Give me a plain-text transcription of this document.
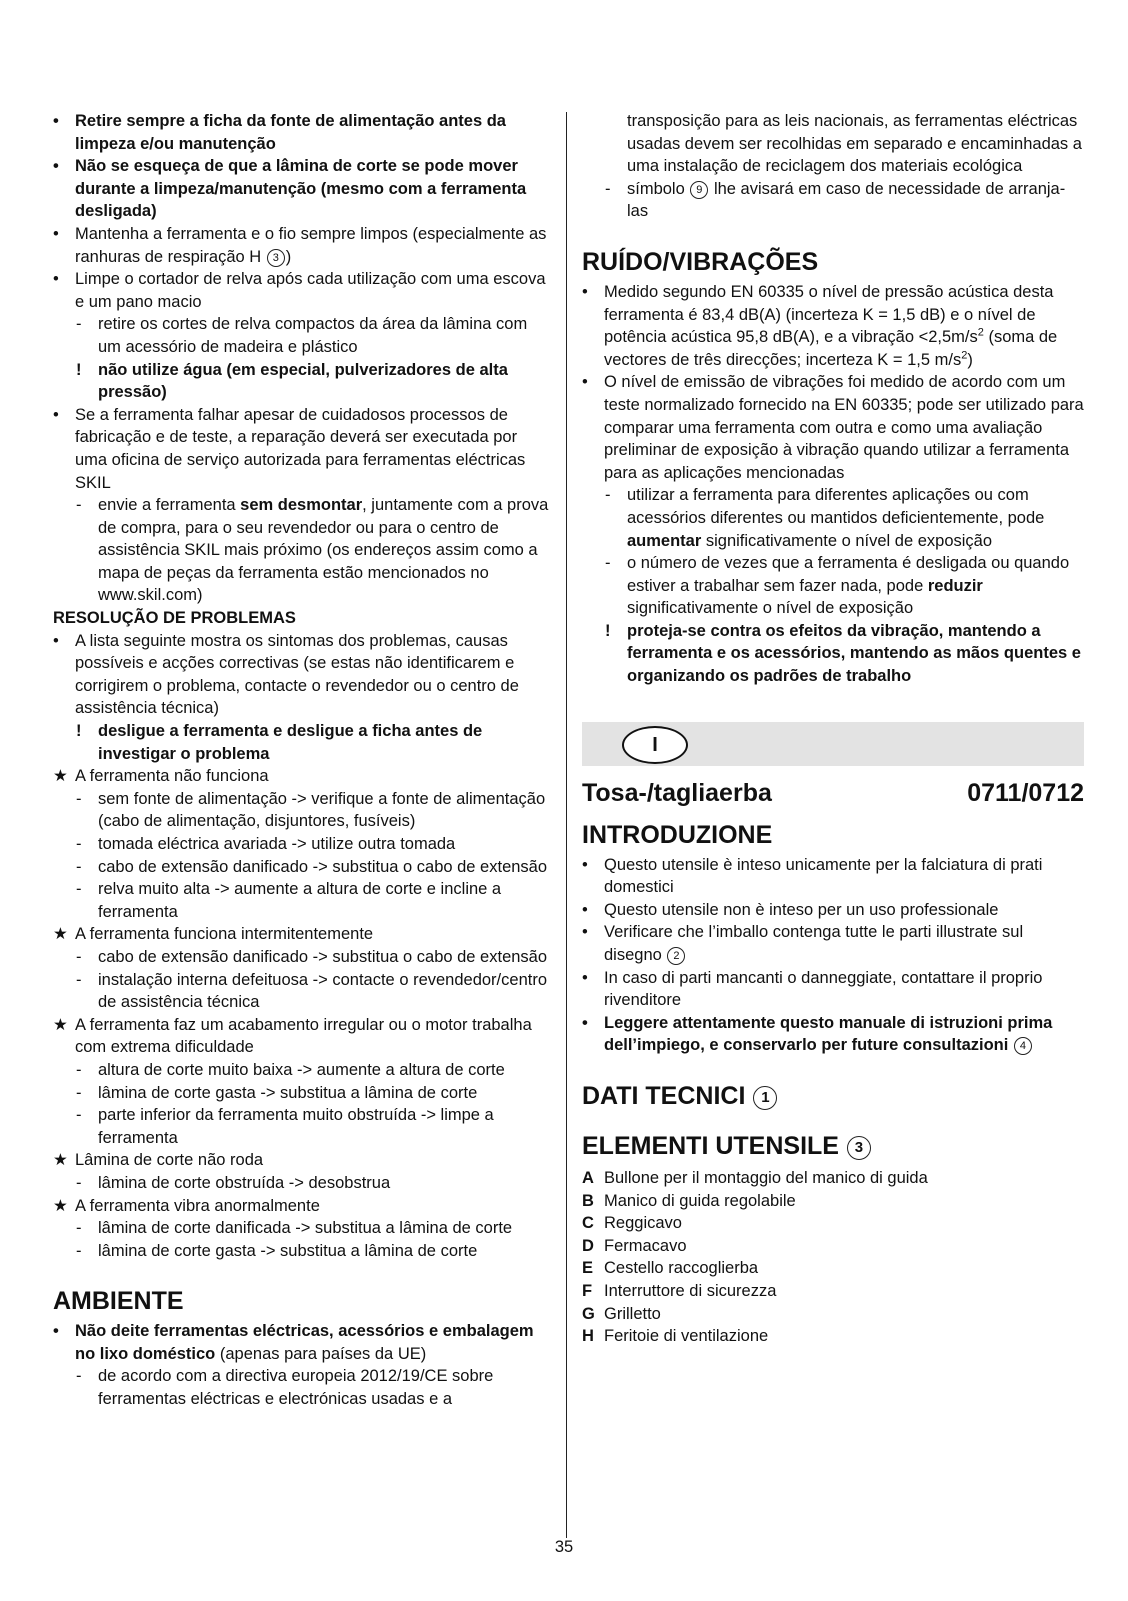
• Retire sempre a ficha da fonte de alimentação antes da limpeza e/ou manutenção
• Não se esqueça de que a lâmina de corte se pode mover durante a limpeza/manutenção (mesmo com a ferramenta desligada)
• Mantenha a ferramenta e o fio sempre limpos (especialmente as ranhuras de respiração H 3 )
• Limpe o cortador de relva após cada utilização com uma escova e um pano macio
- retire os cortes de relva compactos da área da lâmina com um acessório de madeira e plástico
! não utilize água (em especial, pulverizadores de alta pressão)
• Se a ferramenta falhar apesar de cuidadosos processos de fabricação e de teste, a reparação deverá ser executada por uma oficina de serviço autorizada para ferramentas eléctricas SKIL
- envie a ferramenta sem desmontar, juntamente com a prova de compra, para o seu revendedor ou para o centro de assistência SKIL mais próximo (os endereços assim como a mapa de peças da ferramenta estão mencionados no www.skil.com)
RESOLUÇÃO DE PROBLEMAS
• A lista seguinte mostra os sintomas dos problemas, causas possíveis e acções correctivas (se estas não identificarem e corrigirem o problema, contacte o revendedor ou o centro de assistência técnica)
! desligue a ferramenta e desligue a ficha antes de investigar o problema
★ A ferramenta não funciona
- sem fonte de alimentação -> verifique a fonte de alimentação (cabo de alimentação, disjuntores, fusíveis)
- tomada eléctrica avariada -> utilize outra tomada
- cabo de extensão danificado -> substitua o cabo de extensão
- relva muito alta -> aumente a altura de corte e incline a ferramenta
★ A ferramenta funciona intermitentemente
- cabo de extensão danificado -> substitua o cabo de extensão
- instalação interna defeituosa -> contacte o revendedor/centro de assistência técnica
★ A ferramenta faz um acabamento irregular ou o motor trabalha com extrema dificuldade
- altura de corte muito baixa -> aumente a altura de corte
- lâmina de corte gasta -> substitua a lâmina de corte
- parte inferior da ferramenta muito obstruída -> limpe a ferramenta
★ Lâmina de corte não roda
- lâmina de corte obstruída -> desobstrua
★ A ferramenta vibra anormalmente
- lâmina de corte danificada -> substitua a lâmina de corte
- lâmina de corte gasta -> substitua a lâmina de corte
AMBIENTE
• Não deite ferramentas eléctricas, acessórios e embalagem no lixo doméstico (apenas para países da UE)
- de acordo com a directiva europeia 2012/19/CE sobre ferramentas eléctricas e electrónicas usadas e a
transposição para as leis nacionais, as ferramentas eléctricas usadas devem ser recolhidas em separado e encaminhadas a uma instalação de reciclagem dos materiais ecológica
- símbolo 9 lhe avisará em caso de necessidade de arranja-las
RUÍDO/VIBRAÇÕES
• Medido segundo EN 60335 o nível de pressão acústica desta ferramenta é 83,4 dB(A) (incerteza K = 1,5 dB) e o nível de potência acústica 95,8 dB(A), e a vibração $<2,5m/s^2$ (soma de vectores de três direcções; incerteza K = 1,5 $m/s^2$)
• O nível de emissão de vibrações foi medido de acordo com um teste normalizado fornecido na EN 60335; pode ser utilizado para comparar uma ferramenta com outra e como uma avaliação preliminar de exposição à vibração quando utilizar a ferramenta para as aplicações mencionadas
- utilizar a ferramenta para diferentes aplicações ou com acessórios diferentes ou mantidos deficientemente, pode aumentar significativamente o nível de exposição
- o número de vezes que a ferramenta é desligada ou quando estiver a trabalhar sem fazer nada, pode reduzir significativamente o nível de exposição
! proteja-se contra os efeitos da vibração, mantendo a ferramenta e os acessórios, mantendo as mãos quentes e organizando os padrões de trabalho
I
Tosa-/tagliaerba	0711/0712
INTRODUZIONE
• Questo utensile è inteso unicamente per la falciatura di prati domestici
• Questo utensile non è inteso per un uso professionale
• Verificare che l’imballo contenga tutte le parti illustrate sul disegno 2
• In caso di parti mancanti o danneggiate, contattare il proprio rivenditore
• Leggere attentamente questo manuale di istruzioni prima dell’impiego, e conservarlo per future consultazioni 4
DATI TECNICI 1
ELEMENTI UTENSILE 3
A Bullone per il montaggio del manico di guida
B Manico di guida regolabile
C Reggicavo
D Fermacavo
E Cestello raccoglierba
F Interruttore di sicurezza
G Grilletto
H Feritoie di ventilazione
35
